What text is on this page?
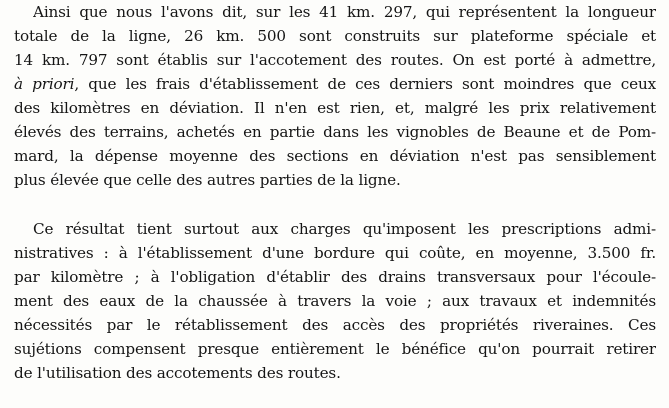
Ainsi que nous l'avons dit, sur les 41 km. 297, qui représentent la longueur
totale de la ligne, 26 km. 500 sont construits sur plateforme spéciale et
14 km. 797 sont établis sur l'accotement des routes. On est porté à admettre,
à priori, que les frais d'établissement de ces derniers sont moindres que ceux
des kilomètres en déviation. Il n'en est rien, et, malgré les prix relativement
élevés des terrains, achetés en partie dans les vignobles de Beaune et de Pom-
mard, la dépense moyenne des sections en déviation n'est pas sensiblement
plus élevée que celle des autres parties de la ligne.
Ce résultat tient surtout aux charges qu'imposent les prescriptions admi-
nistratives : à l'établissement d'une bordure qui coûte, en moyenne, 3.500 fr.
par kilomètre ; à l'obligation d'établir des drains transversaux pour l'écoule-
ment des eaux de la chaussée à travers la voie ; aux travaux et indemnités
nécessités par le rétablissement des accès des propriétés riveraines. Ces
sujétions compensent presque entièrement le bénéfice qu'on pourrait retirer
de l'utilisation des accotements des routes.
